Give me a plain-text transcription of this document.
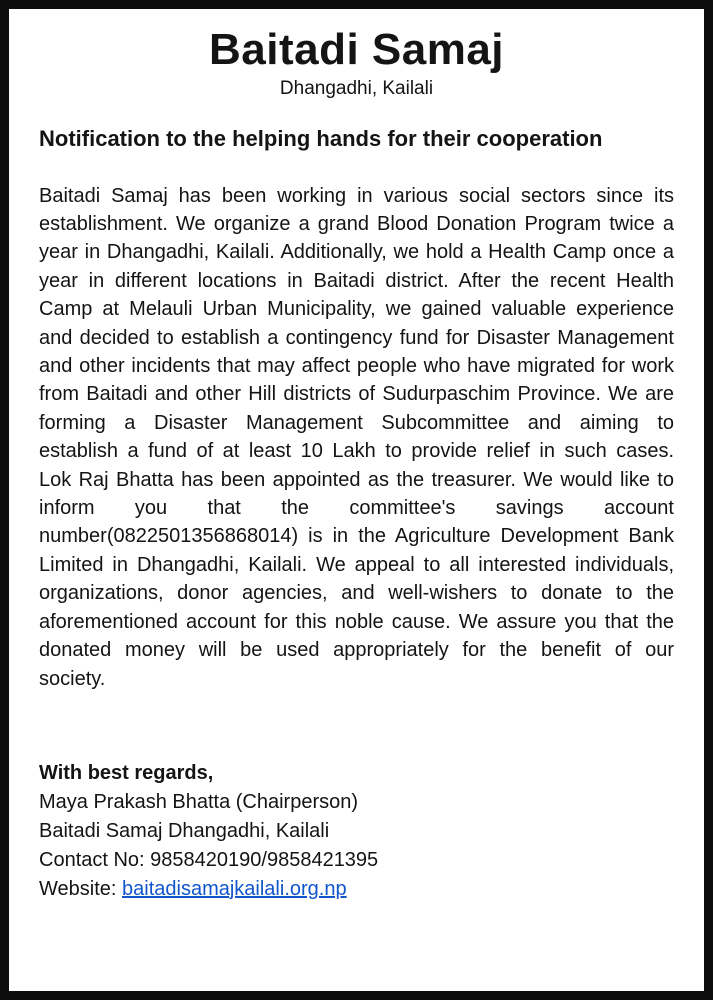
Baitadi Samaj
Dhangadhi, Kailali
Notification to the helping hands for their cooperation

Baitadi Samaj has been working in various social sectors since its establishment. We organize a grand Blood Donation Program twice a year in Dhangadhi, Kailali. Additionally, we hold a Health Camp once a year in different locations in Baitadi district. After the recent Health Camp at Melauli Urban Municipality, we gained valuable experience and decided to establish a contingency fund for Disaster Management and other incidents that may affect people who have migrated for work from Baitadi and other Hill districts of Sudurpaschim Province. We are forming a Disaster Management Subcommittee and aiming to establish a fund of at least 10 Lakh to provide relief in such cases. Lok Raj Bhatta has been appointed as the treasurer. We would like to inform you that the committee's savings account number(0822501356868014) is in the Agriculture Development Bank Limited in Dhangadhi, Kailali. We appeal to all interested individuals, organizations, donor agencies, and well-wishers to donate to the aforementioned account for this noble cause. We assure you that the donated money will be used appropriately for the benefit of our society.

With best regards,
Maya Prakash Bhatta (Chairperson)
Baitadi Samaj Dhangadhi, Kailali
Contact No: 9858420190/9858421395
Website: baitadisamajkailali.org.np
